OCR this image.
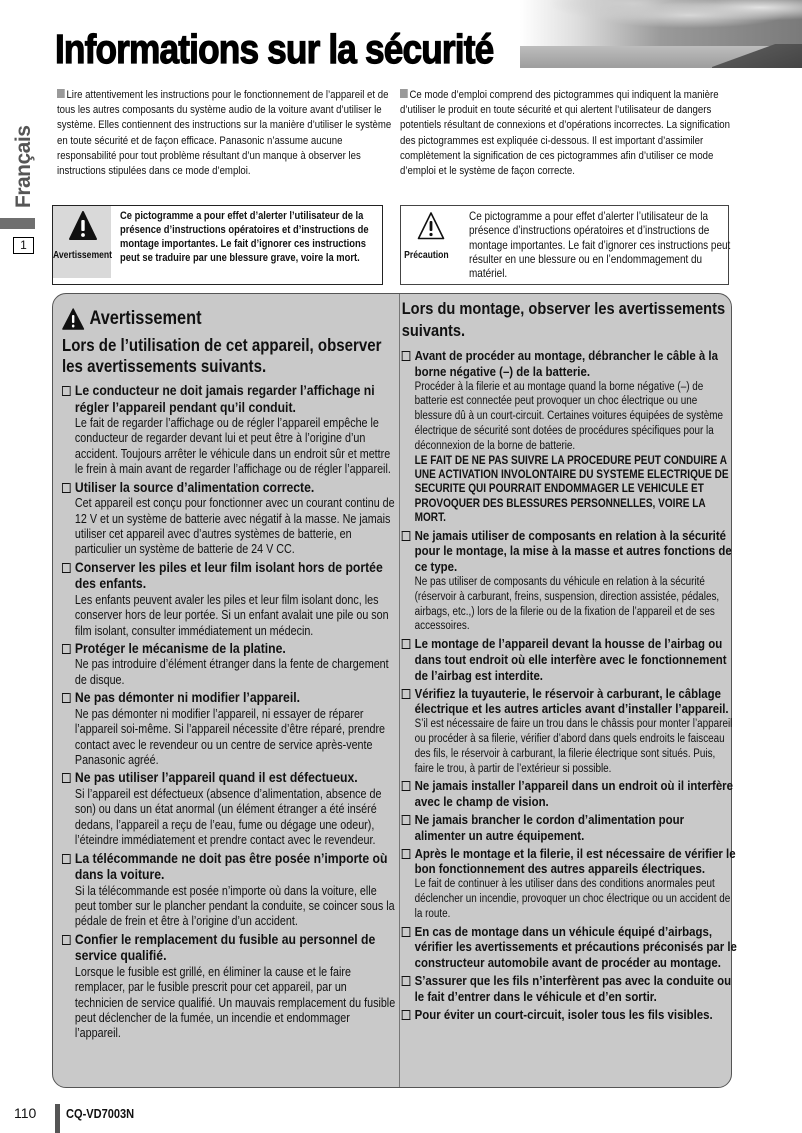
Informations sur la sécurité
Français
1
Lire attentivement les instructions pour le fonctionnement de l’appareil et de tous les autres composants du système audio de la voiture avant d’utiliser le système. Elles contiennent des instructions sur la manière d’utiliser le système en toute sécurité et de façon efficace. Panasonic n’assume aucune responsabilité pour tout problème résultant d’un manque à observer les instructions stipulées dans ce mode d’emploi.
Ce mode d’emploi comprend des pictogrammes qui indiquent la manière d’utiliser le produit en toute sécurité et qui alertent l’utilisateur de dangers potentiels résultant de connexions et d’opérations incorrectes. La signification des pictogrammes est expliquée ci-dessous. Il est important d’assimiler complètement la signification de ces pictogrammes afin d’utiliser ce mode d’emploi et le système de façon correcte.
Avertissement
Ce pictogramme a pour effet d’alerter l’utilisateur de la présence d’instructions opératoires et d’instructions de montage importantes. Le fait d’ignorer ces instructions peut se traduire par une blessure grave, voire la mort.	Précaution
Ce pictogramme a pour effet d’alerter l’utilisateur de la présence d’instructions opératoires et d’instructions de montage importantes. Le fait d’ignorer ces instructions peut résulter en une blessure ou en l’endommagement du matériel.
Avertissement
Lors de l’utilisation de cet appareil, observer les avertissements suivants.
Le conducteur ne doit jamais regarder l’affichage ni régler l’appareil pendant qu’il conduit.
Le fait de regarder l’affichage ou de régler l’appareil empêche le conducteur de regarder devant lui et peut être à l’origine d’un accident. Toujours arrêter le véhicule dans un endroit sûr et mettre le frein à main avant de regarder l’affichage ou de régler l’appareil.
Utiliser la source d’alimentation correcte.
Cet appareil est conçu pour fonctionner avec un courant continu de 12 V et un système de batterie avec négatif à la masse. Ne jamais utiliser cet appareil avec d’autres systèmes de batterie, en particulier un système de batterie de 24 V CC.
Conserver les piles et leur film isolant hors de portée des enfants.
Les enfants peuvent avaler les piles et leur film isolant donc, les conserver hors de leur portée. Si un enfant avalait une pile ou son film isolant, consulter immédiatement un médecin.
Protéger le mécanisme de la platine.
Ne pas introduire d’élément étranger dans la fente de chargement de disque.
Ne pas démonter ni modifier l’appareil.
Ne pas démonter ni modifier l’appareil, ni essayer de réparer l’appareil soi-même. Si l’appareil nécessite d’être réparé, prendre contact avec le revendeur ou un centre de service après-vente Panasonic agréé.
Ne pas utiliser l’appareil quand il est défectueux.
Si l’appareil est défectueux (absence d’alimentation, absence de son) ou dans un état anormal (un élément étranger a été inséré dedans, l’appareil a reçu de l’eau, fume ou dégage une odeur), l’éteindre immédiatement et prendre contact avec le revendeur.
La télécommande ne doit pas être posée n’importe où dans la voiture.
Si la télécommande est posée n’importe où dans la voiture, elle peut tomber sur le plancher pendant la conduite, se coincer sous la pédale de frein et être à l’origine d’un accident.
Confier le remplacement du fusible au personnel de service qualifié.
Lorsque le fusible est grillé, en éliminer la cause et le faire remplacer, par le fusible prescrit pour cet appareil, par un technicien de service qualifié. Un mauvais remplacement du fusible peut déclencher de la fumée, un incendie et endommager l’appareil.
Lors du montage, observer les avertissements suivants.
Avant de procéder au montage, débrancher le câble à la borne négative (–) de la batterie.
Procéder à la filerie et au montage quand la borne négative (–) de batterie est connectée peut provoquer un choc électrique ou une blessure dû à un court-circuit. Certaines voitures équipées de système électrique de sécurité sont dotées de procédures spécifiques pour la déconnexion de la borne de batterie.
LE FAIT DE NE PAS SUIVRE LA PROCEDURE PEUT CONDUIRE A UNE ACTIVATION INVOLONTAIRE DU SYSTEME ELECTRIQUE DE SECURITE QUI POURRAIT ENDOMMAGER LE VEHICULE ET PROVOQUER DES BLESSURES PERSONNELLES, VOIRE LA MORT.
Ne jamais utiliser de composants en relation à la sécurité pour le montage, la mise à la masse et autres fonctions de ce type.
Ne pas utiliser de composants du véhicule en relation à la sécurité (réservoir à carburant, freins, suspension, direction assistée, pédales, airbags, etc.,) lors de la filerie ou de la fixation de l’appareil et de ses accessoires.
Le montage de l’appareil devant la housse de l’airbag ou dans tout endroit où elle interfère avec le fonctionnement de l’airbag est interdite.
Vérifiez la tuyauterie, le réservoir à carburant, le câblage électrique et les autres articles avant d’installer l’appareil.
S’il est nécessaire de faire un trou dans le châssis pour monter l’appareil ou procéder à sa filerie, vérifier d’abord dans quels endroits le faisceau des fils, le réservoir à carburant, la filerie électrique sont situés. Puis, faire le trou, à partir de l’extérieur si possible.
Ne jamais installer l’appareil dans un endroit où il interfère avec le champ de vision.
Ne jamais brancher le cordon d’alimentation pour alimenter un autre équipement.
Après le montage et la filerie, il est nécessaire de vérifier le bon fonctionnement des autres appareils électriques.
Le fait de continuer à les utiliser dans des conditions anormales peut déclencher un incendie, provoquer un choc électrique ou un accident de la route.
En cas de montage dans un véhicule équipé d’airbags, vérifier les avertissements et précautions préconisés par le constructeur automobile avant de procéder au montage.
S’assurer que les fils n’interfèrent pas avec la conduite ou le fait d’entrer dans le véhicule et d’en sortir.
Pour éviter un court-circuit, isoler tous les fils visibles.
110 CQ-VD7003N
